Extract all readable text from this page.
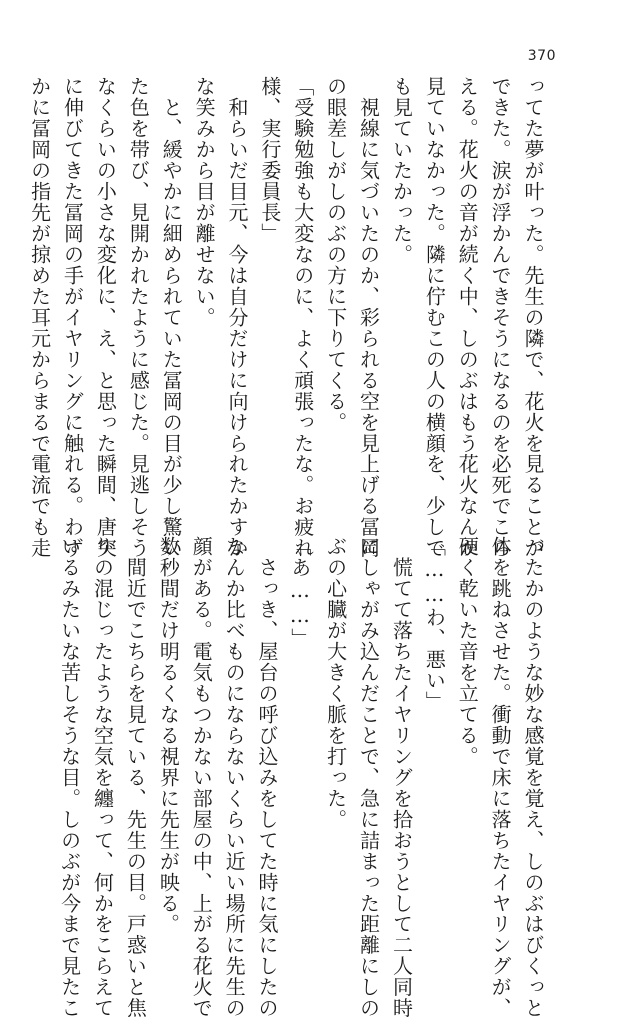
370
ってた夢が叶った。先生の隣で、花火を見ることが
できた。涙が浮かんできそうになるのを必死でこら
える。花火の音が続く中、しのぶはもう花火なんか
見ていなかった。隣に佇むこの人の横顔を、少しで
も見ていたかった。
　視線に気づいたのか、彩られる空を見上げる冨岡
の眼差しがしのぶの方に下りてくる。
「受験勉強も大変なのに、よく頑張ったな。お疲れ
様、実行委員長」
　和らいだ目元、今は自分だけに向けられたかすか
な笑みから目が離せない。
　と、緩やかに細められていた冨岡の目が少し驚い
た色を帯び、見開かれたように感じた。見逃しそう
なくらいの小さな変化に、え、と思った瞬間、唐突
に伸びてきた冨岡の手がイヤリングに触れる。わず
かに冨岡の指先が掠めた耳元からまるで電流でも走
ったかのような妙な感覚を覚え、しのぶはびくっと
体を跳ねさせた。衝動で床に落ちたイヤリングが、
硬く乾いた音を立てる。
「……わ、悪い」
　慌てて落ちたイヤリングを拾おうとして二人同時
にしゃがみ込んだことで、急に詰まった距離にしの
ぶの心臓が大きく脈を打った。
「あ……」
　さっき、屋台の呼び込みをしてた時に気にしたの
なんか比べものにならないくらい近い場所に先生の
顔がある。電気もつかない部屋の中、上がる花火で
数秒間だけ明るくなる視界に先生が映る。
　間近でこちらを見ている、先生の目。戸惑いと焦
りの混じったような空気を纏って、何かをこらえて
いるみたいな苦しそうな目。しのぶが今まで見たこ
